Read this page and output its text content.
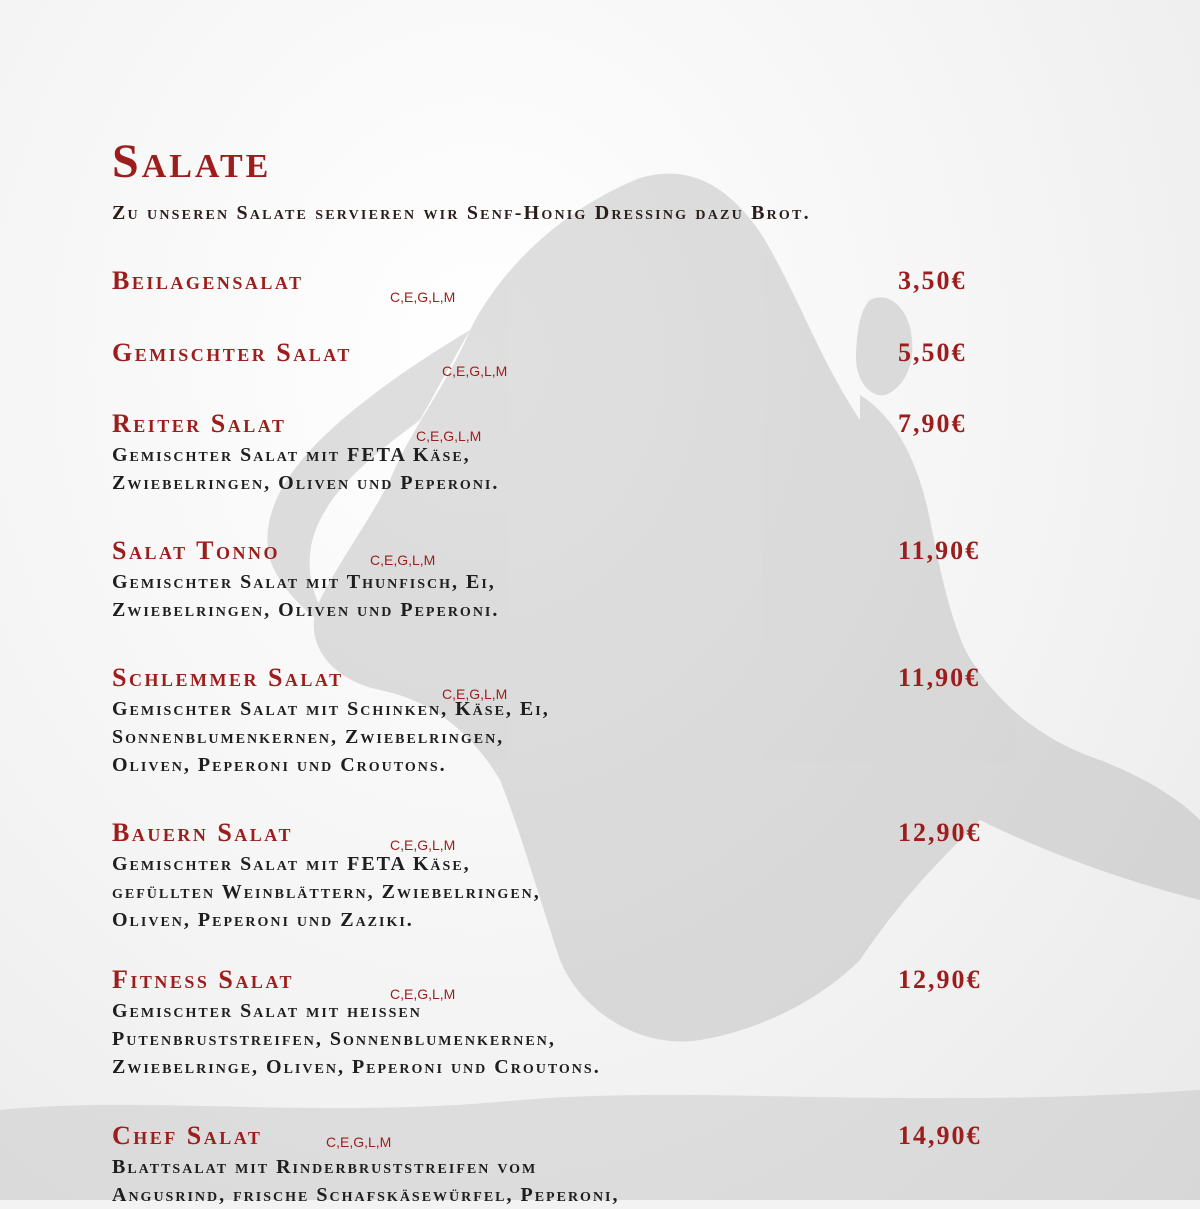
Salate
Zu unseren Salate servieren wir Senf-Honig Dressing dazu Brot.
Beilagensalat
C,E,G,L,M
3,50€
Gemischter Salat
C,E,G,L,M
5,50€
Reiter Salat	C,E,G,L,M	7,90€
Gemischter Salat mit FETA Käse,
Zwiebelringen, Oliven und Peperoni.
Salat Tonno	C,E,G,L,M	11,90€
Gemischter Salat mit Thunfisch, Ei,
Zwiebelringen, Oliven und Peperoni.
Schlemmer Salat
C,E,G,L,M
11,90€
Gemischter Salat mit Schinken, Käse, Ei,
Sonnenblumenkernen, Zwiebelringen,
Oliven, Peperoni und Croutons.
Bauern Salat	C,E,G,L,M	12,90€
Gemischter Salat mit FETA Käse,
gefüllten Weinblättern, Zwiebelringen,
Oliven, Peperoni und Zaziki.
Fitness Salat	C,E,G,L,M	12,90€
Gemischter Salat mit heissen
Putenbruststreifen, Sonnenblumenkernen,
Zwiebelringe, Oliven, Peperoni und Croutons.
Chef Salat	C,E,G,L,M	14,90€
Blattsalat mit Rinderbruststreifen vom
Angusrind, frische Schafskäsewürfel, Peperoni,
